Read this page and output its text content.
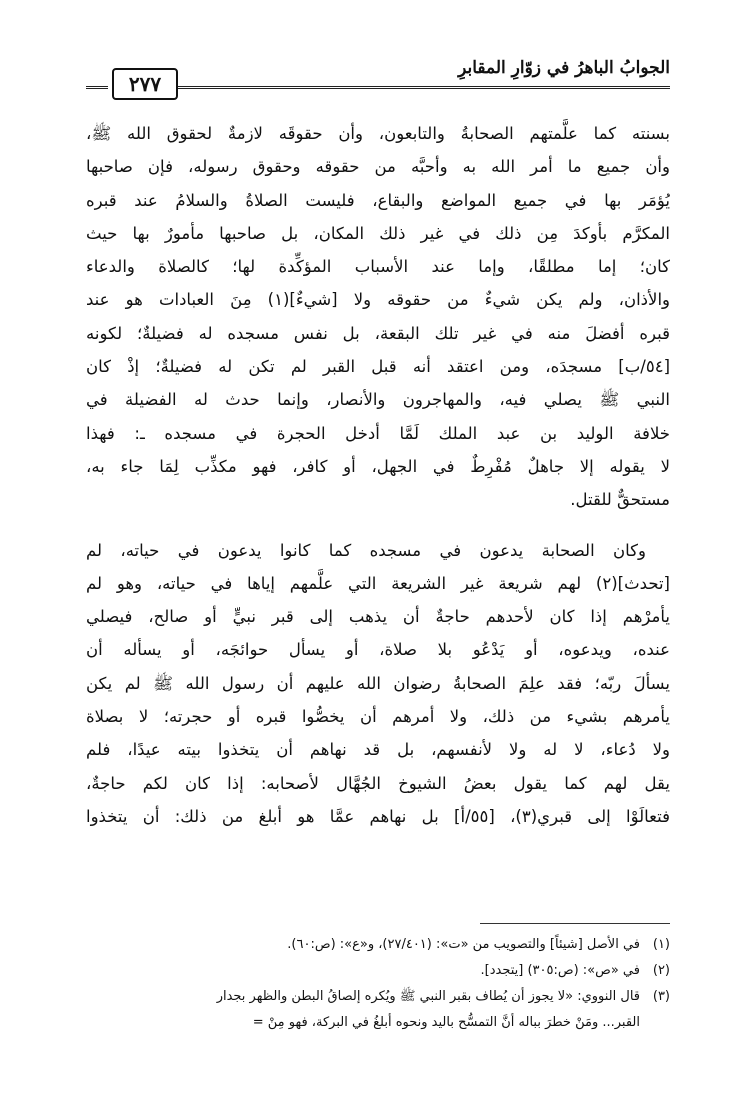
الجوابُ الباهرُ في زوّارِ المقابرِ
٢٧٧
بسنته كما علَّمتهم الصحابةُ والتابعون، وأن حقوقَه لازمةٌ لحقوق الله ﷺ،
وأن جميع ما أمر الله به وأحبَّه من حقوقه وحقوق رسوله، فإن صاحبها
يُؤمَر بها في جميع المواضع والبقاع، فليست الصلاةُ والسلامُ عند قبره
المكرَّم بأوكدَ مِن ذلك في غير ذلك المكان، بل صاحبها مأمورٌ بها حيث
كان؛ إما مطلقًا، وإما عند الأسباب المؤكِّدة لها؛ كالصلاة والدعاء
والأذان، ولم يكن شيءٌ من حقوقه ولا [شيءٌ](١) مِنَ العبادات هو عند
قبره أفضلَ منه في غير تلك البقعة، بل نفس مسجده له فضيلةٌ؛ لكونه
[٥٤/ب] مسجدَه، ومن اعتقد أنه قبل القبر لم تكن له فضيلةٌ؛ إذْ كان
النبي ﷺ يصلي فيه، والمهاجرون والأنصار، وإنما حدث له الفضيلة في
خلافة الوليد بن عبد الملك لَمَّا أدخل الحجرة في مسجده ـ: فهذا
لا يقوله إلا جاهلٌ مُفْرِطٌ في الجهل، أو كافر، فهو مكذِّب لِمَا جاء به،
مستحقٌّ للقتل.
وكان الصحابة يدعون في مسجده كما كانوا يدعون في حياته، لم
[تحدث](٢) لهم شريعة غير الشريعة التي علَّمهم إياها في حياته، وهو لم
يأمرْهم إذا كان لأحدهم حاجةٌ أن يذهب إلى قبر نبيٍّ أو صالح، فيصلي
عنده، ويدعوه، أو يَدْعُو بلا صلاة، أو يسأل حوائجَه، أو يسأله أن
يسألَ ربّه؛ فقد علِمَ الصحابةُ رضوان الله عليهم أن رسول الله ﷺ لم يكن
يأمرهم بشيء من ذلك، ولا أمرهم أن يخصُّوا قبره أو حجرته؛ لا بصلاة
ولا دُعاء، لا له ولا لأنفسهم، بل قد نهاهم أن يتخذوا بيته عيدًا، فلم
يقل لهم كما يقول بعضُ الشيوخ الجُهَّال لأصحابه: إذا كان لكم حاجةٌ،
فتعالَوْا إلى قبري(٣)، [٥٥/أ] بل نهاهم عمَّا هو أبلغ من ذلك: أن يتخذوا
(١)في الأصل [شيئاً] والتصويب من «ت»: (٢٧/٤٠١)، و«ع»: (ص:٦٠).
(٢)في «ص»: (ص:٣٠٥) [يتجدد].
(٣)قال النووي: «لا يجوز أن يُطاف بقبر النبي ﷺ ويُكره إلصاقُ البطن والظهر بجدار
القبر... ومَنْ خطرَ بباله أنَّ التمسُّح باليد ونحوه أبلغُ في البركة، فهو مِنْ =
